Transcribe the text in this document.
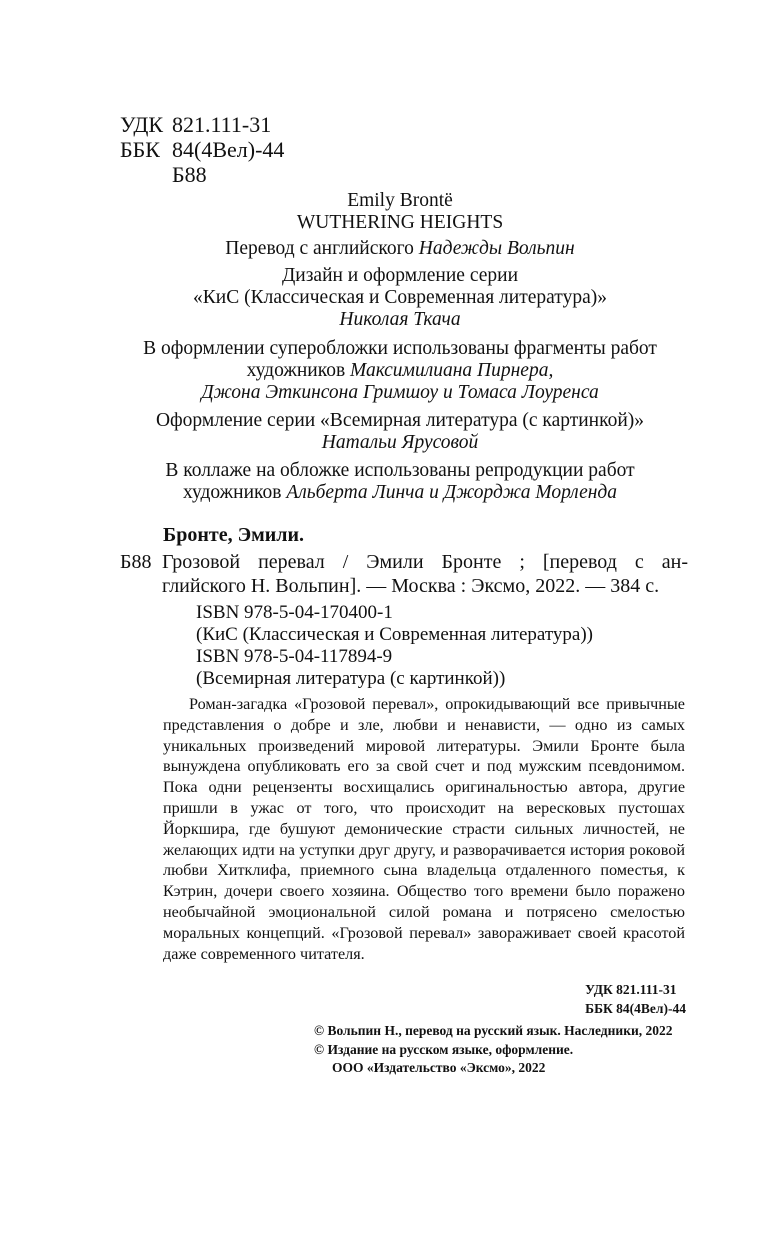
УДК 821.111-31
ББК 84(4Вел)-44
Б88

Emily Brontë

WUTHERING HEIGHTS

Перевод с английского Надежды Вольпин

Дизайн и оформление серии

«КиС (Классическая и Современная литература)»

Николая Ткача

В оформлении суперобложки использованы фрагменты работ

художников Максимилиана Пирнера,

Джона Эткинсона Гримшоу и Томаса Лоуренса

Оформление серии «Всемирная литература (с картинкой)»

Натальи Ярусовой

В коллаже на обложке использованы репродукции работ

художников Альберта Линча и Джорджа Морленда

Бронте, Эмили.
Б88 Грозовой перевал / Эмили Бронте ; [перевод с ан-
глийского Н. Вольпин]. — Москва : Эксмо, 2022. — 384 с.
ISBN 978-5-04-170400-1
(КиС (Классическая и Современная литература))
ISBN 978-5-04-117894-9
(Всемирная литература (с картинкой))

Роман-загадка «Грозовой перевал», опрокидывающий все привычные представления о добре и зле, любви и ненависти, — одно из самых уникальных произведений мировой литературы. Эмили Бронте была вынуждена опубликовать его за свой счет и под мужским псевдонимом. Пока одни рецензенты восхищались оригинальностью автора, другие пришли в ужас от того, что происходит на вересковых пустошах Йоркшира, где бушуют демонические страсти сильных личностей, не желающих идти на уступки друг другу, и разворачивается история роковой любви Хитклифа, приемного сына владельца отдаленного поместья, к Кэтрин, дочери своего хозяина. Общество того времени было поражено необычайной эмоциональной силой романа и потрясено смелостью моральных концепций. «Грозовой перевал» завораживает своей красотой даже современного читателя.

УДК 821.111-31
ББК 84(4Вел)-44
© Вольпин Н., перевод на русский язык. Наследники, 2022
© Издание на русском языке, оформление.
ООО «Издательство «Эксмо», 2022
